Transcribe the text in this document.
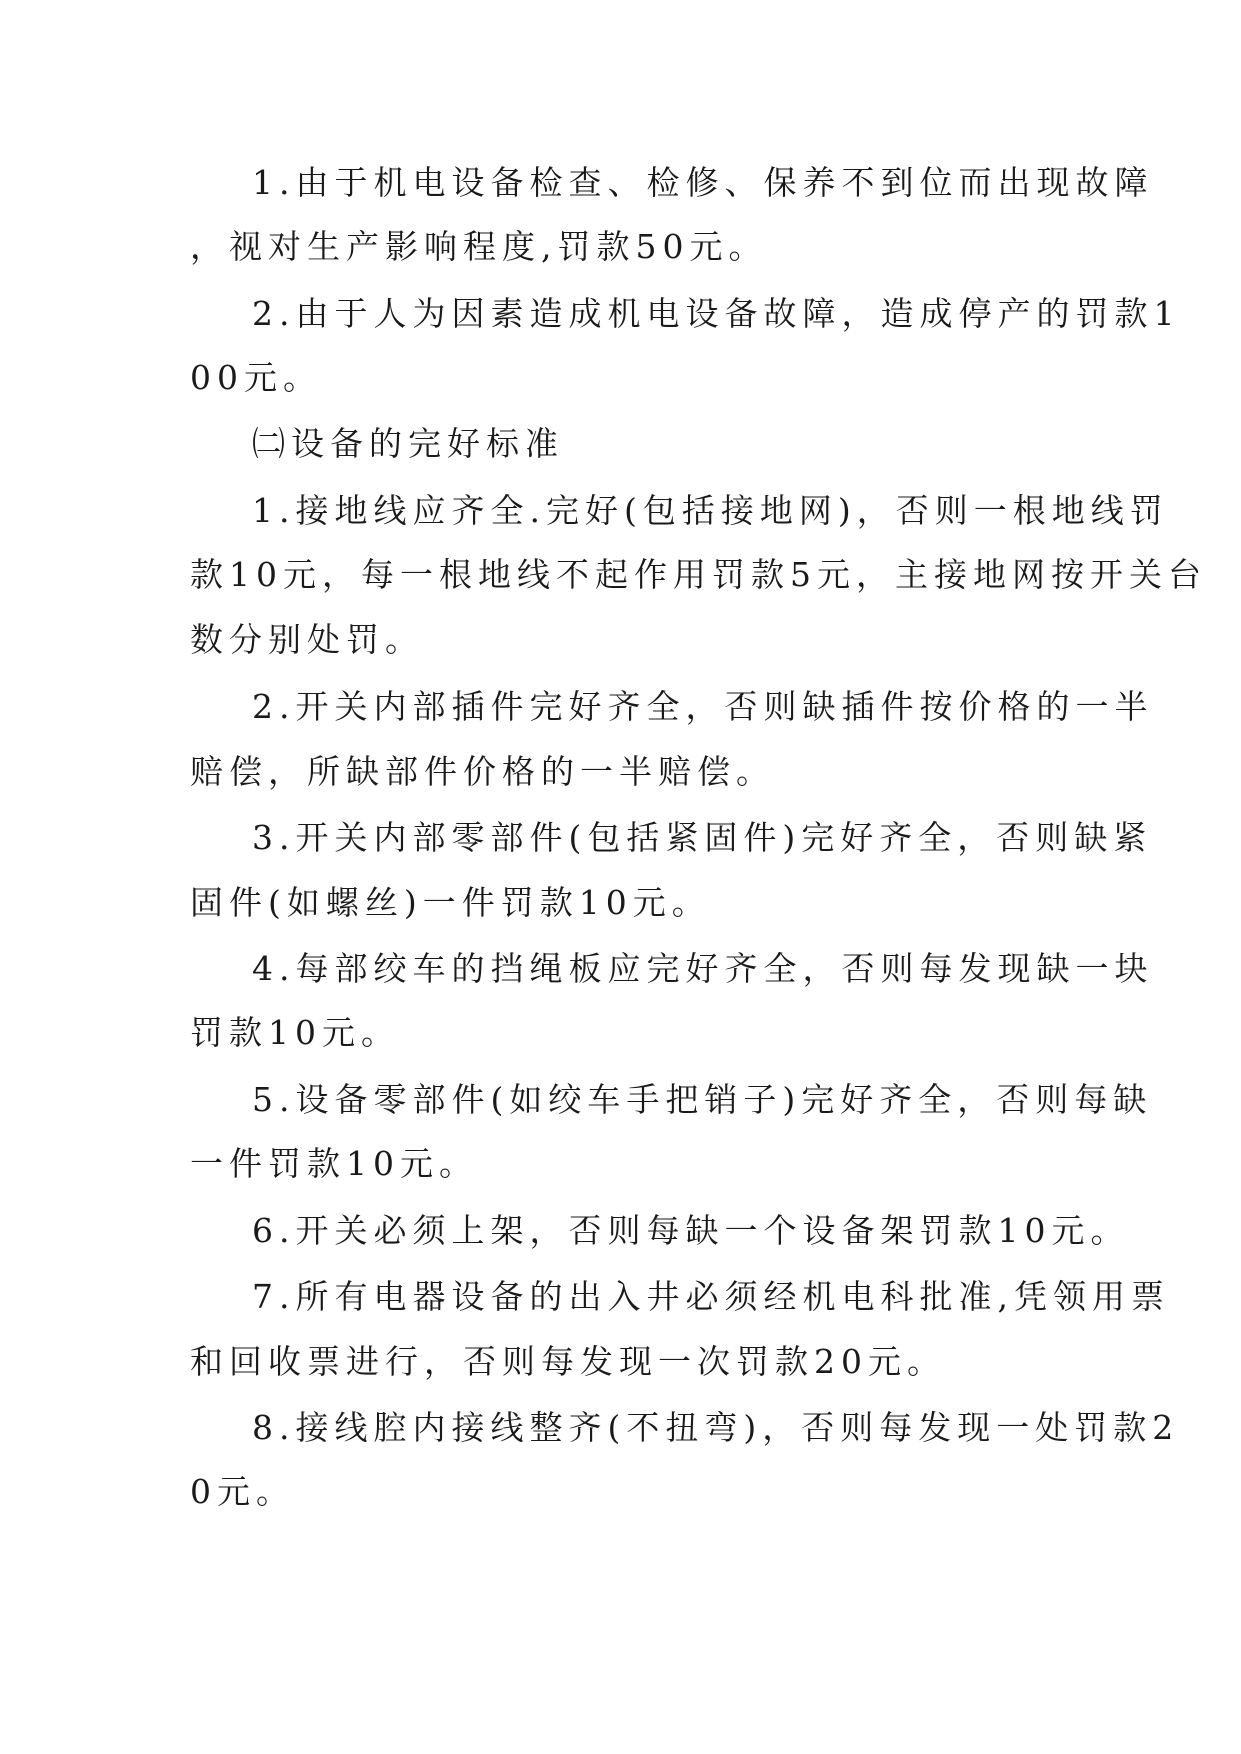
1.由于机电设备检查、检修、保养不到位而出现故障
，视对生产影响程度,罚款50元。
2.由于人为因素造成机电设备故障，造成停产的罚款1
00元。
㈡设备的完好标准
1.接地线应齐全.完好(包括接地网)，否则一根地线罚
款10元，每一根地线不起作用罚款5元，主接地网按开关台
数分别处罚。
2.开关内部插件完好齐全，否则缺插件按价格的一半
赔偿，所缺部件价格的一半赔偿。
3.开关内部零部件(包括紧固件)完好齐全，否则缺紧
固件(如螺丝)一件罚款10元。
4.每部绞车的挡绳板应完好齐全，否则每发现缺一块
罚款10元。
5.设备零部件(如绞车手把销子)完好齐全，否则每缺
一件罚款10元。
6.开关必须上架，否则每缺一个设备架罚款10元。
7.所有电器设备的出入井必须经机电科批准,凭领用票
和回收票进行，否则每发现一次罚款20元。
8.接线腔内接线整齐(不扭弯)，否则每发现一处罚款2
0元。
